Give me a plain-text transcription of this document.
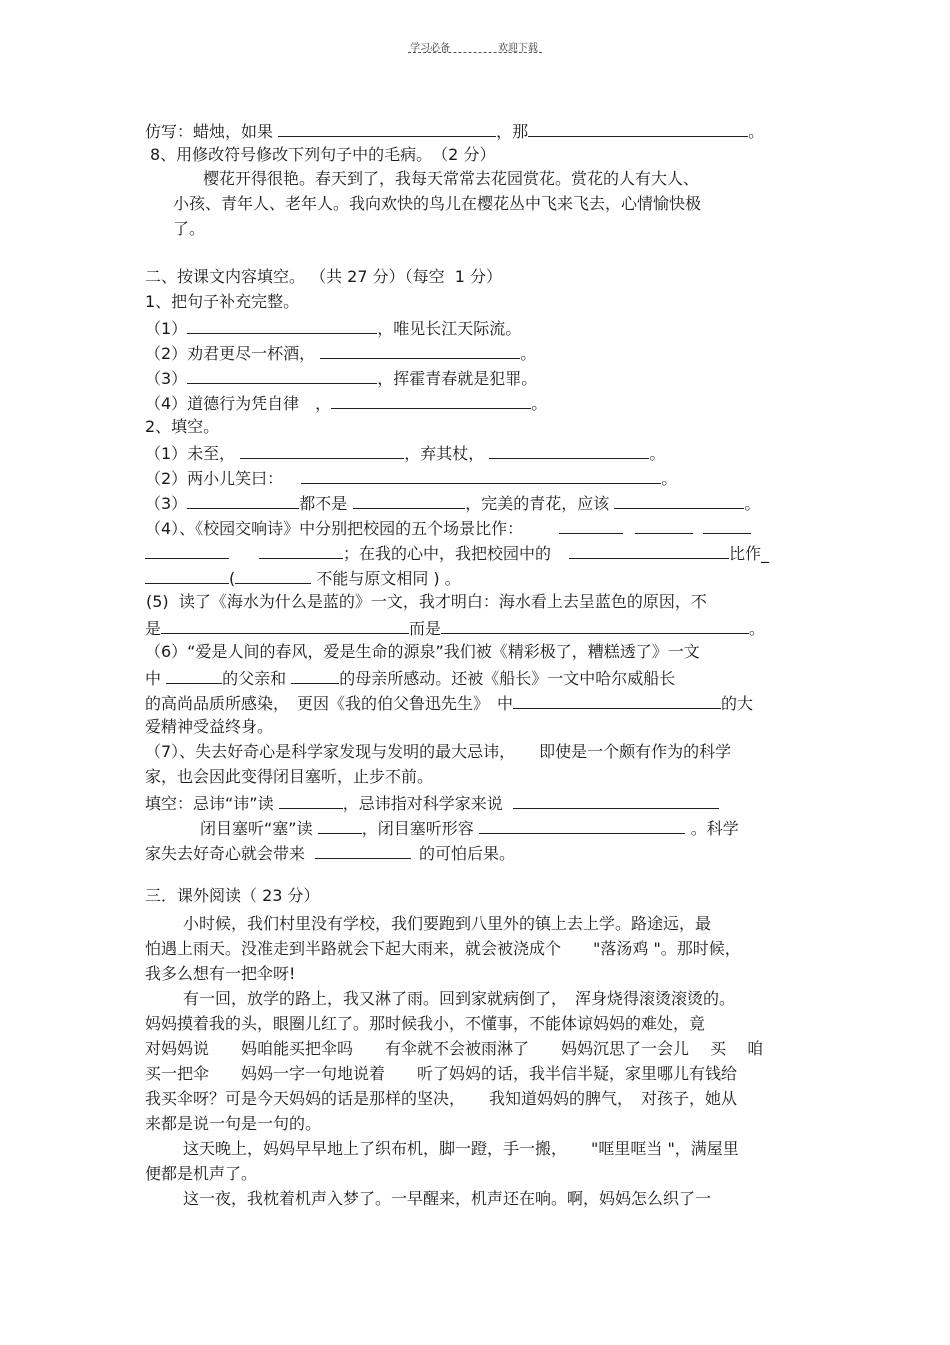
学习必备	欢迎下载
仿写：蜡烛，如果	，那	。
8、用修改符号修改下列句子中的毛病。　（2 分）
樱花开得很艳。春天到了，我每天常常去花园赏花。赏花的人有大人、
小孩、青年人、老年人。我向欢快的鸟儿在樱花丛中飞来飞去，心情愉快极
了。
二、按课文内容填空。 （共 27 分）（每空  1 分）
1、把句子补充完整。
（1）	，唯见长江天际流。
（2）劝君更尽一杯酒，	。
（3）	，挥霍青春就是犯罪。
（4）道德行为凭自律　，	。
2、填空。
（1）未至，	，弃其杖，	。
（2）两小儿笑曰：	。
（3）	都不是	，完美的青花，应该	。
（4）、《校园交响诗》中分别把校园的五个场景比作：
；在我的心中，我把校园中的	比作_
(	不能与原文相同 ) 。
(5)  读了《海水为什么是蓝的》一文，我才明白：海水看上去呈蓝色的原因，不
是	而是	。
（6）“爱是人间的春风，爱是生命的源泉”我们被《精彩极了，糟糕透了》一文
中	的父亲和	的母亲所感动。还被《船长》一文中哈尔威船长
的高尚品质所感染，　更因《我的伯父鲁迅先生》　中	的大
爱精神受益终身。
（7）、失去好奇心是科学家发现与发明的最大忌讳，　　即使是一个颇有作为的科学
家，也会因此变得闭目塞听，止步不前。
填空：忌讳“讳”读	，忌讳指对科学家来说
闭目塞听“塞”读	，闭目塞听形容	。科学
家失去好奇心就会带来	的可怕后果。
三．课外阅读（ 23 分）
小时候，我们村里没有学校，我们要跑到八里外的镇上去上学。路途远，最
怕遇上雨天。没准走到半路就会下起大雨来，就会被浇成个　　"落汤鸡 "。那时候，
我多么想有一把伞呀!
有一回，放学的路上，我又淋了雨。回到家就病倒了，　浑身烧得滚烫滚烫的。
妈妈摸着我的头，眼圈儿红了。那时候我小，不懂事，不能体谅妈妈的难处，竟
对妈妈说　　妈咱能买把伞吗　　有伞就不会被雨淋了　　妈妈沉思了一会儿　 买　 咱
买一把伞　　妈妈一字一句地说着　　听了妈妈的话，我半信半疑，家里哪儿有钱给
我买伞呀？可是今天妈妈的话是那样的坚决，　　我知道妈妈的脾气，　对孩子，她从
来都是说一句是一句的。
这天晚上，妈妈早早地上了织布机，脚一蹬，手一搬，　　"哐里哐当 "，满屋里
便都是机声了。
这一夜，我枕着机声入梦了。一早醒来，机声还在响。啊，妈妈怎么织了一
